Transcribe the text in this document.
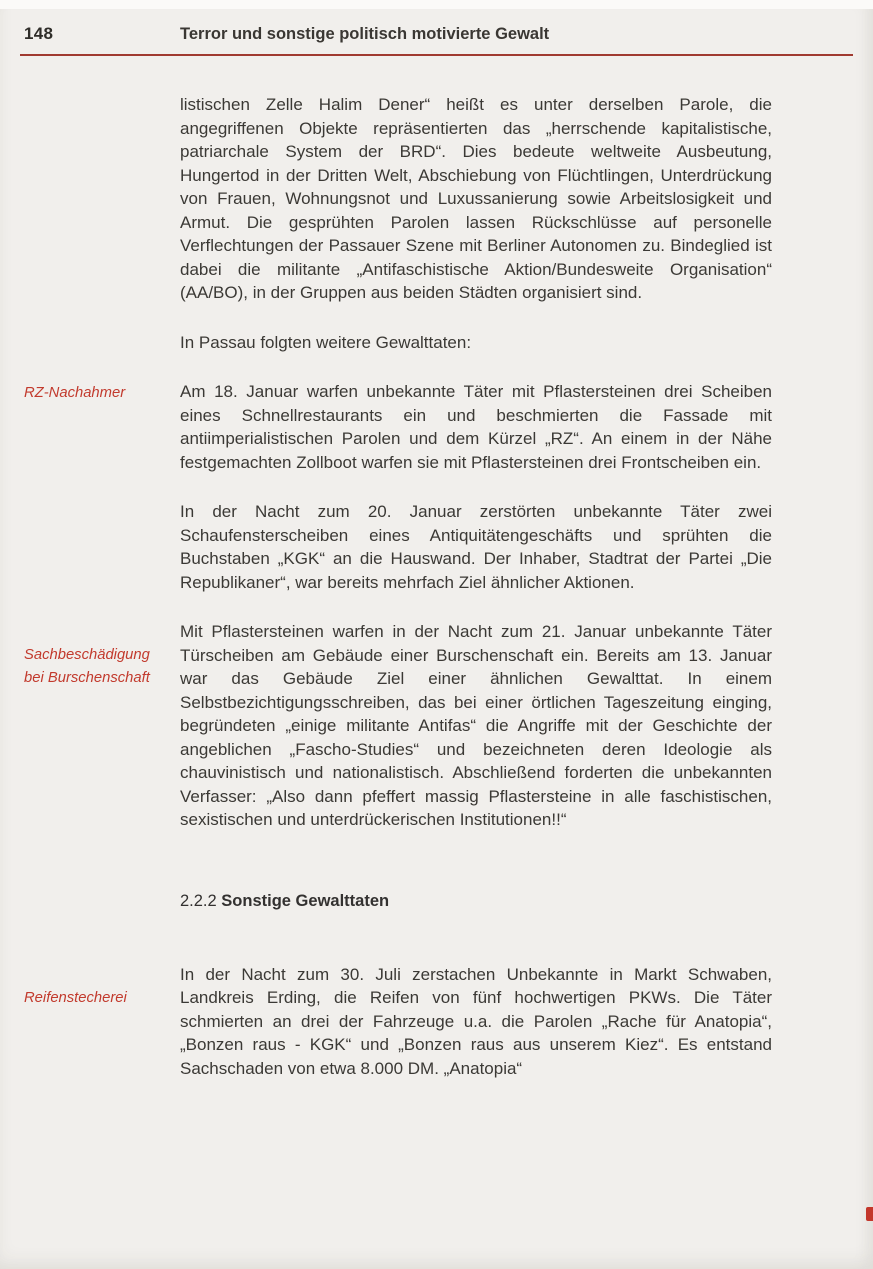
148	Terror und sonstige politisch motivierte Gewalt

listischen Zelle Halim Dener“ heißt es unter derselben Parole, die angegriffenen Objekte repräsentierten das „herrschende kapitalistische, patriarchale System der BRD“. Dies bedeute weltweite Ausbeutung, Hungertod in der Dritten Welt, Abschiebung von Flüchtlingen, Unterdrückung von Frauen, Wohnungsnot und Luxussanierung sowie Arbeitslosigkeit und Armut. Die gesprühten Parolen lassen Rückschlüsse auf personelle Verflechtungen der Passauer Szene mit Berliner Autonomen zu. Bindeglied ist dabei die militante „Antifaschistische Aktion/Bundesweite Organisation“ (AA/BO), in der Gruppen aus beiden Städten organisiert sind.

In Passau folgten weitere Gewalttaten:

RZ-Nachahmer	Am 18. Januar warfen unbekannte Täter mit Pflastersteinen drei Scheiben eines Schnellrestaurants ein und beschmierten die Fassade mit antiimperialistischen Parolen und dem Kürzel „RZ“. An einem in der Nähe festgemachten Zollboot warfen sie mit Pflastersteinen drei Frontscheiben ein.

In der Nacht zum 20. Januar zerstörten unbekannte Täter zwei Schaufensterscheiben eines Antiquitätengeschäfts und sprühten die Buchstaben „KGK“ an die Hauswand. Der Inhaber, Stadtrat der Partei „Die Republikaner“, war bereits mehrfach Ziel ähnlicher Aktionen.

Sachbeschädigung bei Burschenschaft

Mit Pflastersteinen warfen in der Nacht zum 21. Januar unbekannte Täter Türscheiben am Gebäude einer Burschenschaft ein. Bereits am 13. Januar war das Gebäude Ziel einer ähnlichen Gewalttat. In einem Selbstbezichtigungsschreiben, das bei einer örtlichen Tageszeitung einging, begründeten „einige militante Antifas“ die Angriffe mit der Geschichte der angeblichen „Fascho-Studies“ und bezeichneten deren Ideologie als chauvinistisch und nationalistisch. Abschließend forderten die unbekannten Verfasser: „Also dann pfeffert massig Pflastersteine in alle faschistischen, sexistischen und unterdrückerischen Institutionen!!“

2.2.2 Sonstige Gewalttaten
Reifenstecherei

In der Nacht zum 30. Juli zerstachen Unbekannte in Markt Schwaben, Landkreis Erding, die Reifen von fünf hochwertigen PKWs. Die Täter schmierten an drei der Fahrzeuge u.a. die Parolen „Rache für Anatopia“, „Bonzen raus - KGK“ und „Bonzen raus aus unserem Kiez“. Es entstand Sachschaden von etwa 8.000 DM. „Anatopia“
